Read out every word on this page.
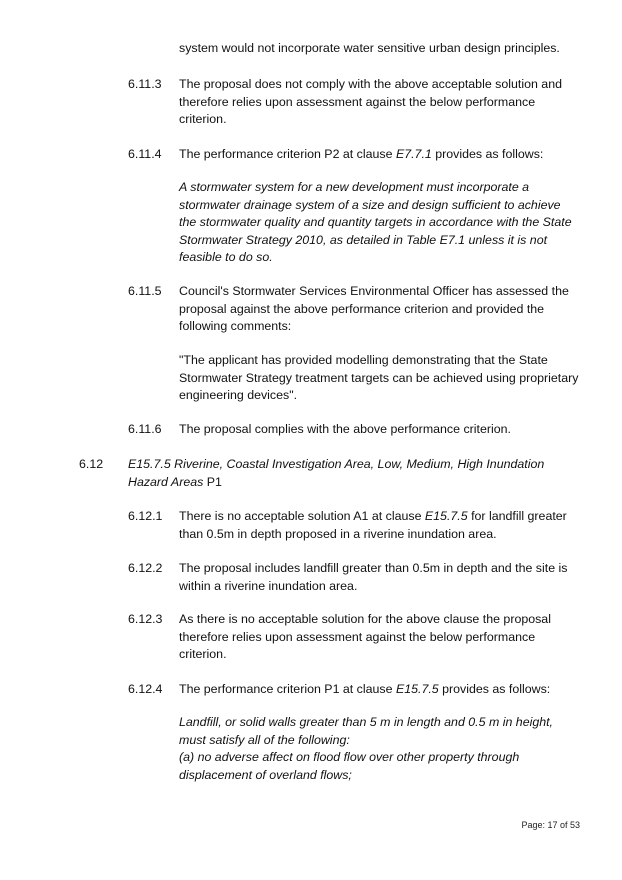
system would not incorporate water sensitive urban design principles.
6.11.3 The proposal does not comply with the above acceptable solution and
therefore relies upon assessment against the below performance
criterion.
6.11.4 The performance criterion P2 at clause E7.7.1 provides as follows:
A stormwater system for a new development must incorporate a
stormwater drainage system of a size and design sufficient to achieve
the stormwater quality and quantity targets in accordance with the State
Stormwater Strategy 2010, as detailed in Table E7.1 unless it is not
feasible to do so.
6.11.5 Council's Stormwater Services Environmental Officer has assessed the
proposal against the above performance criterion and provided the
following comments:
"The applicant has provided modelling demonstrating that the State
Stormwater Strategy treatment targets can be achieved using proprietary
engineering devices".
6.11.6 The proposal complies with the above performance criterion.
6.12 E15.7.5 Riverine, Coastal Investigation Area, Low, Medium, High Inundation
Hazard Areas P1
6.12.1 There is no acceptable solution A1 at clause E15.7.5 for landfill greater
than 0.5m in depth proposed in a riverine inundation area.
6.12.2 The proposal includes landfill greater than 0.5m in depth and the site is
within a riverine inundation area.
6.12.3 As there is no acceptable solution for the above clause the proposal
therefore relies upon assessment against the below performance
criterion.
6.12.4 The performance criterion P1 at clause E15.7.5 provides as follows:
Landfill, or solid walls greater than 5 m in length and 0.5 m in height,
must satisfy all of the following:
(a) no adverse affect on flood flow over other property through
displacement of overland flows;
Page: 17 of 53
